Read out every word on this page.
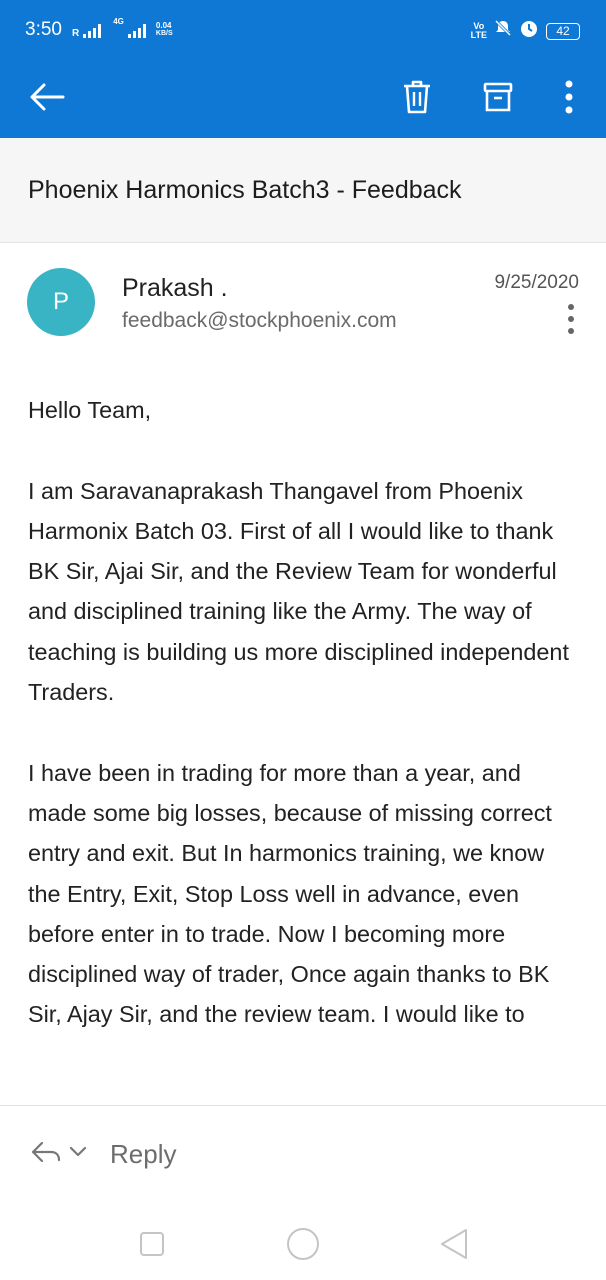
3:50 R
4G	0.04
KB/S
Vo
LTE	42
Phoenix Harmonics Batch3 - Feedback
P	Prakash .
feedback@stockphoenix.com
9/25/2020

Hello Team,

I am Saravanaprakash Thangavel from Phoenix Harmonix Batch 03. First of all I would like to thank BK Sir, Ajai Sir, and the Review Team for wonderful and disciplined training like the Army. The way of teaching is building us more disciplined independent Traders.

I have been in trading for more than a year, and made some big losses, because of missing correct entry and exit. But In harmonics training, we know the Entry, Exit, Stop Loss well in advance, even before enter in to trade. Now I becoming more disciplined way of trader, Once again thanks to BK Sir, Ajay Sir, and the review team. I would like to

Reply
